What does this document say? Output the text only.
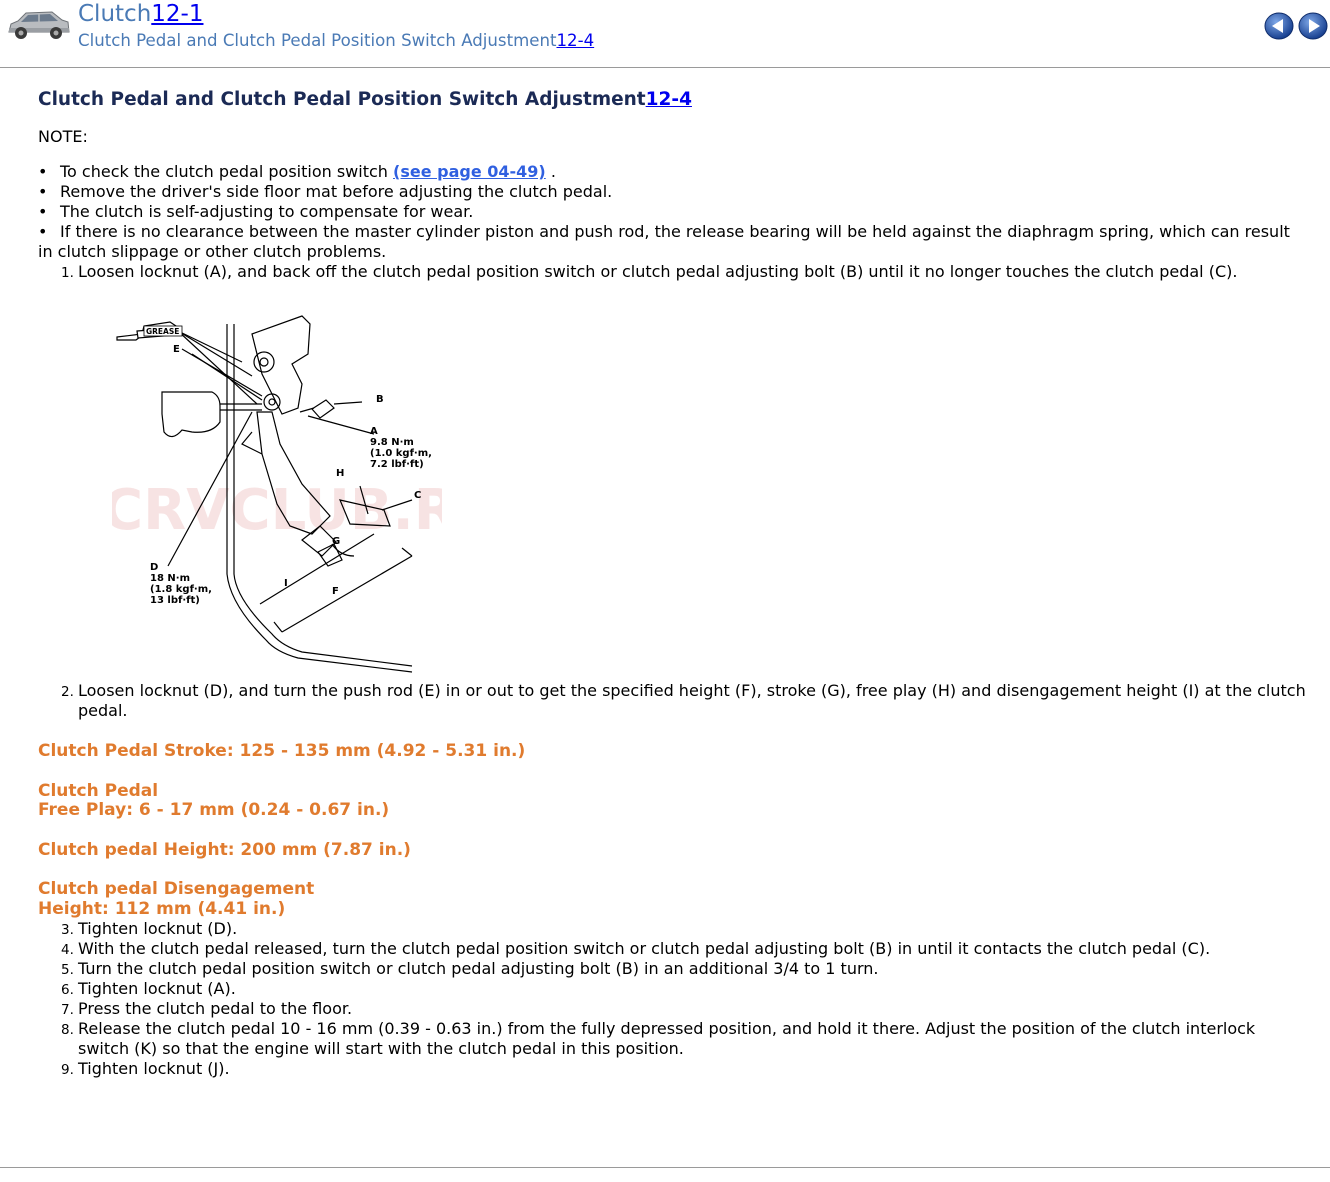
Clutch12-1
Clutch Pedal and Clutch Pedal Position Switch Adjustment12-4
Clutch Pedal and Clutch Pedal Position Switch Adjustment12-4

NOTE:

• To check the clutch pedal position switch (see page 04-49) .
• Remove the driver's side floor mat before adjusting the clutch pedal.
• The clutch is self-adjusting to compensate for wear.
• If there is no clearance between the master cylinder piston and push rod, the release bearing will be held against the diaphragm spring, which can result in clutch slippage or other clutch problems.
1. Loosen locknut (A), and back off the clutch pedal position switch or clutch pedal adjusting bolt (B) until it no longer touches the clutch pedal (C).
CRVCLUB.R
GREASE
E
B
A
9.8 N·m
(1.0 kgf·m,
7.2 lbf·ft)
H
C
G
D
18 N·m
(1.8 kgf·m,
13 lbf·ft)
I
F
2. Loosen locknut (D), and turn the push rod (E) in or out to get the specified height (F), stroke (G), free play (H) and disengagement height (I) at the clutch pedal.

Clutch Pedal Stroke: 125 - 135 mm (4.92 - 5.31 in.)

Clutch Pedal

Free Play: 6 - 17 mm (0.24 - 0.67 in.)

Clutch pedal Height: 200 mm (7.87 in.)

Clutch pedal Disengagement

Height: 112 mm (4.41 in.)

3. Tighten locknut (D).
4. With the clutch pedal released, turn the clutch pedal position switch or clutch pedal adjusting bolt (B) in until it contacts the clutch pedal (C).
5. Turn the clutch pedal position switch or clutch pedal adjusting bolt (B) in an additional 3/4 to 1 turn.
6. Tighten locknut (A).
7. Press the clutch pedal to the floor.
8. Release the clutch pedal 10 - 16 mm (0.39 - 0.63 in.) from the fully depressed position, and hold it there. Adjust the position of the clutch interlock switch (K) so that the engine will start with the clutch pedal in this position.
9. Tighten locknut (J).
